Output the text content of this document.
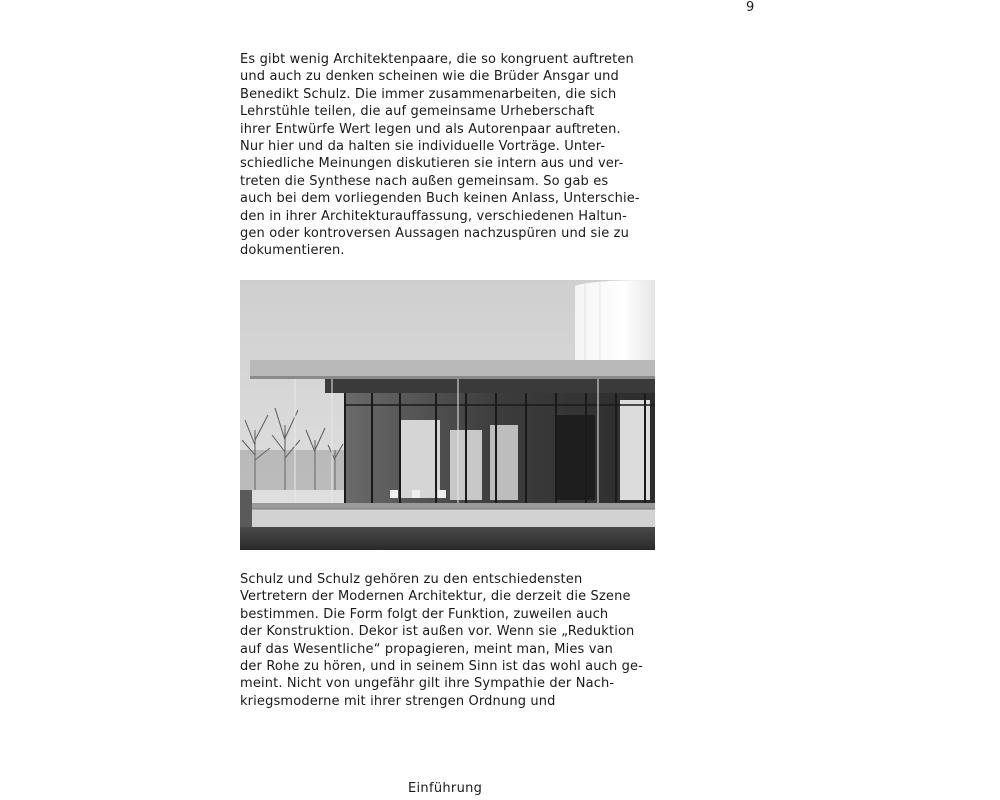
9

Es gibt wenig Architektenpaare, die so kongruent auftreten
und auch zu denken scheinen wie die Brüder Ansgar und
Benedikt Schulz. Die immer zusammenarbeiten, die sich
Lehrstühle teilen, die auf gemeinsame Urheberschaft
ihrer Entwürfe Wert legen und als Autorenpaar auftreten.
Nur hier und da halten sie individuelle Vorträge. Unter-
schiedliche Meinungen diskutieren sie intern aus und ver-
treten die Synthese nach außen gemeinsam. So gab es
auch bei dem vorliegenden Buch keinen Anlass, Unterschie-
den in ihrer Architekturauffassung, verschiedenen Haltun-
gen oder kontroversen Aussagen nachzuspüren und sie zu
dokumentieren.

Schulz und Schulz gehören zu den entschiedensten
Vertretern der Modernen Architektur, die derzeit die Szene
bestimmen. Die Form folgt der Funktion, zuweilen auch
der Konstruktion. Dekor ist außen vor. Wenn sie „Reduktion
auf das Wesentliche“ propagieren, meint man, Mies van
der Rohe zu hören, und in seinem Sinn ist das wohl auch ge-
meint. Nicht von ungefähr gilt ihre Sympathie der Nach-
kriegsmoderne mit ihrer strengen Ordnung und

Einführung
